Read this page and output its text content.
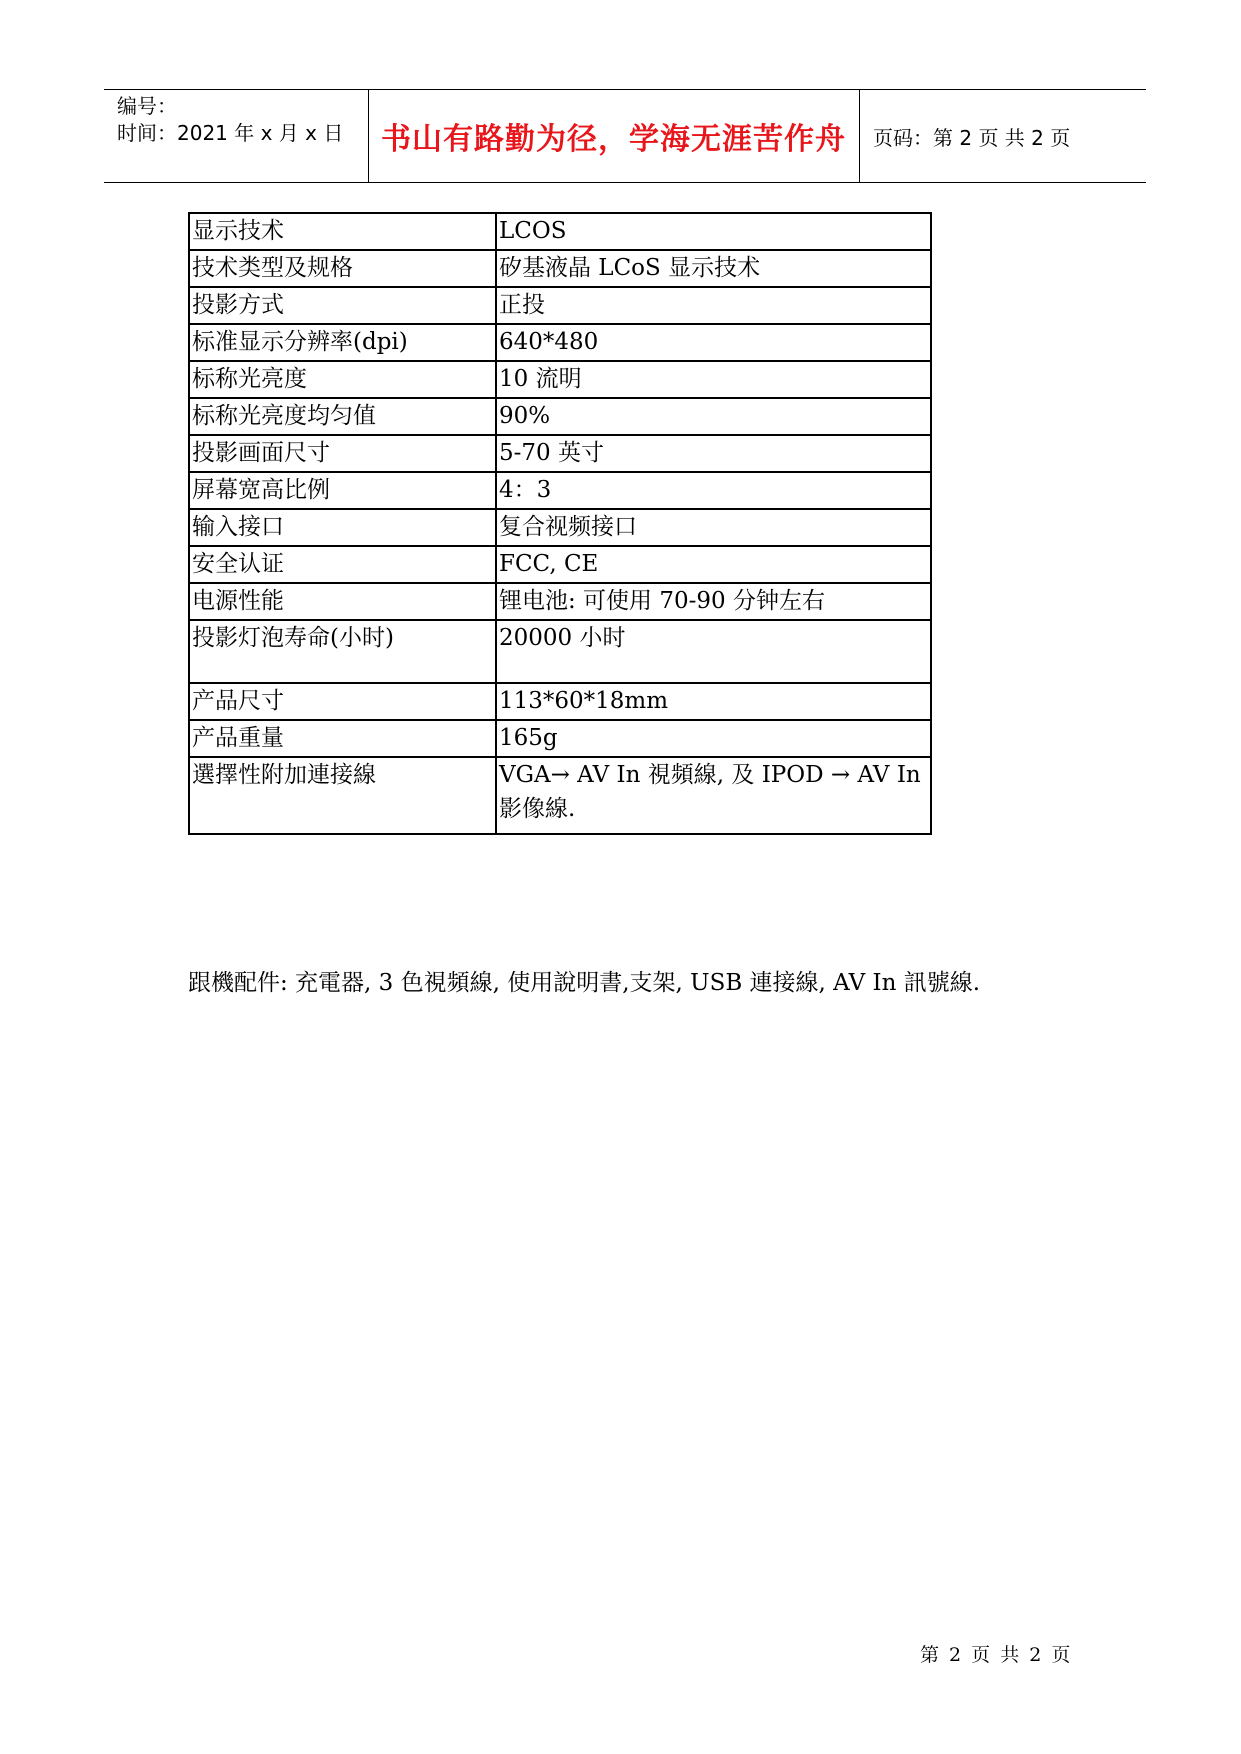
编号：
时间：2021 年 x 月 x 日 书山有路勤为径，学海无涯苦作舟 页码：第 2 页 共 2 页
显示技术	LCOS
技术类型及规格	矽基液晶 LCoS 显示技术
投影方式	正投
标准显示分辨率(dpi)	640*480
标称光亮度	10 流明
标称光亮度均匀值	90%
投影画面尺寸	5-70 英寸
屏幕宽高比例	4：3
输入接口	复合视频接口
安全认证	FCC, CE
电源性能	锂电池: 可使用 70-90 分钟左右
投影灯泡寿命(小时)	20000 小时
产品尺寸	113*60*18mm
产品重量	165g
選擇性附加連接線	VGA→ AV In 視頻線, 及 IPOD → AV In 影像線.
跟機配件: 充電器, 3 色視頻線, 使用說明書,支架, USB 連接線, AV In 訊號線.
第 2 页 共 2 页
